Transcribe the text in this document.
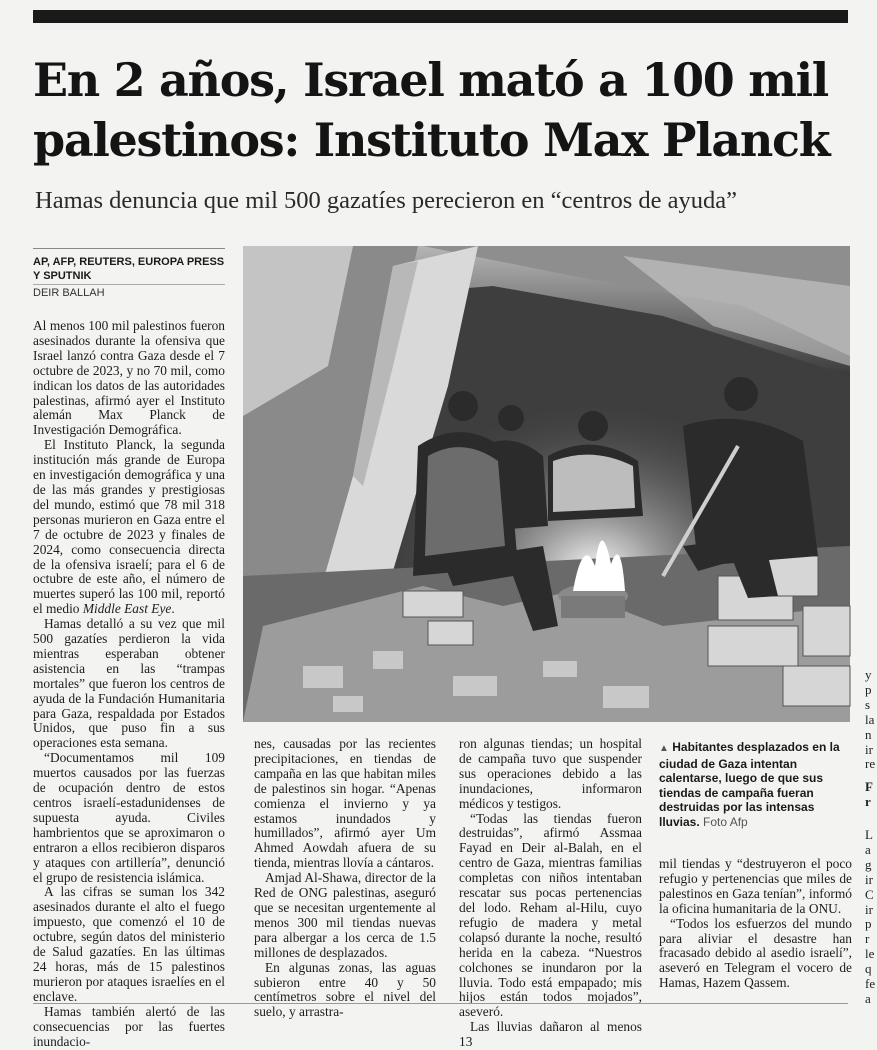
En 2 años, Israel mató a 100 mil palestinos: Instituto Max Planck

Hamas denuncia que mil 500 gazatíes perecieron en “centros de ayuda”

AP, AFP, REUTERS, EUROPA PRESS Y SPUTNIK
DEIR BALLAH

Al menos 100 mil palestinos fueron asesinados durante la ofensiva que Israel lanzó contra Gaza desde el 7 octubre de 2023, y no 70 mil, como indican los datos de las autoridades palestinas, afirmó ayer el Instituto alemán Max Planck de Investigación Demográfica.

El Instituto Planck, la segunda institución más grande de Europa en investigación demográfica y una de las más grandes y prestigiosas del mundo, estimó que 78 mil 318 personas murieron en Gaza entre el 7 de octubre de 2023 y finales de 2024, como consecuencia directa de la ofensiva israelí; para el 6 de octubre de este año, el número de muertes superó las 100 mil, reportó el medio Middle East Eye.

Hamas detalló a su vez que mil 500 gazatíes perdieron la vida mientras esperaban obtener asistencia en las “trampas mortales” que fueron los centros de ayuda de la Fundación Humanitaria para Gaza, respaldada por Estados Unidos, que puso fin a sus operaciones esta semana.

“Documentamos mil 109 muertos causados por las fuerzas de ocupación dentro de estos centros israelí-estadunidenses de supuesta ayuda. Civiles hambrientos que se aproximaron o entraron a ellos recibieron disparos y ataques con artillería”, denunció el grupo de resistencia islámica.

A las cifras se suman los 342 asesinados durante el alto el fuego impuesto, que comenzó el 10 de octubre, según datos del ministerio de Salud gazatíes. En las últimas 24 horas, más de 15 palestinos murieron por ataques israelíes en el enclave.

Hamas también alertó de las consecuencias por las fuertes inundacio-

nes, causadas por las recientes precipitaciones, en tiendas de campaña en las que habitan miles de palestinos sin hogar. “Apenas comienza el invierno y ya estamos inundados y humillados”, afirmó ayer Um Ahmed Aowdah afuera de su tienda, mientras llovía a cántaros.

Amjad Al-Shawa, director de la Red de ONG palestinas, aseguró que se necesitan urgentemente al menos 300 mil tiendas nuevas para albergar a los cerca de 1.5 millones de desplazados.

En algunas zonas, las aguas subieron entre 40 y 50 centímetros sobre el nivel del suelo, y arrastra-

ron algunas tiendas; un hospital de campaña tuvo que suspender sus operaciones debido a las inundaciones, informaron médicos y testigos.

“Todas las tiendas fueron destruidas”, afirmó Assmaa Fayad en Deir al-Balah, en el centro de Gaza, mientras familias completas con niños intentaban rescatar sus pocas pertenencias del lodo. Reham al-Hilu, cuyo refugio de madera y metal colapsó durante la noche, resultó herida en la cabeza. “Nuestros colchones se inundaron por la lluvia. Todo está empapado; mis hijos están todos mojados”, aseveró.

Las lluvias dañaron al menos 13

▲ Habitantes desplazados en la ciudad de Gaza intentan calentarse, luego de que sus tiendas de campaña fueran destruidas por las intensas lluvias. Foto Afp

mil tiendas y “destruyeron el poco refugio y pertenencias que miles de palestinos en Gaza tenían”, informó la oficina humanitaria de la ONU.

“Todos los esfuerzos del mundo para aliviar el desastre han fracasado debido al asedio israelí”, aseveró en Telegram el vocero de Hamas, Hazem Qassem.

y
p
s
la
n
ir
re
F
r
L
a
g
ir
C
ir
p
r
le
q
fe
a
